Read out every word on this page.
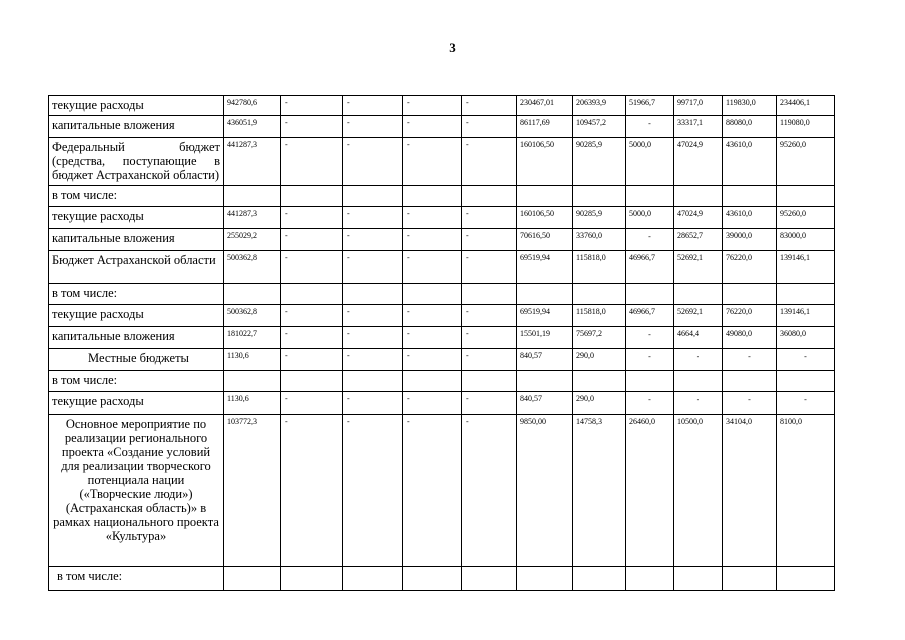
3
текущие расходы	942780,6	-	-	-	-	230467,01	206393,9	51966,7	99717,0	119830,0	234406,1
капитальные вложения	436051,9	-	-	-	-	86117,69	109457,2	-	33317,1	88080,0	119080,0
Федеральный бюджет (средства, поступающие в бюджет Астраханской области)	441287,3	-	-	-	-	160106,50	90285,9	5000,0	47024,9	43610,0	95260,0
в том числе:											
текущие расходы	441287,3	-	-	-	-	160106,50	90285,9	5000,0	47024,9	43610,0	95260,0
капитальные вложения	255029,2	-	-	-	-	70616,50	33760,0	-	28652,7	39000,0	83000,0
Бюджет Астраханской области	500362,8	-	-	-	-	69519,94	115818,0	46966,7	52692,1	76220,0	139146,1
в том числе:											
текущие расходы	500362,8	-	-	-	-	69519,94	115818,0	46966,7	52692,1	76220,0	139146,1
капитальные вложения	181022,7	-	-	-	-	15501,19	75697,2	-	4664,4	49080,0	36080,0
Местные бюджеты	1130,6	-	-	-	-	840,57	290,0	-	-	-	-
в том числе:											
текущие расходы	1130,6	-	-	-	-	840,57	290,0	-	-	-	-
Основное мероприятие по реализации регионального проекта «Создание условий для реализации творческого потенциала нации («Творческие люди») (Астраханская область)» в рамках национального проекта «Культура»	103772,3	-	-	-	-	9850,00	14758,3	26460,0	10500,0	34104,0	8100,0
в том числе:											
